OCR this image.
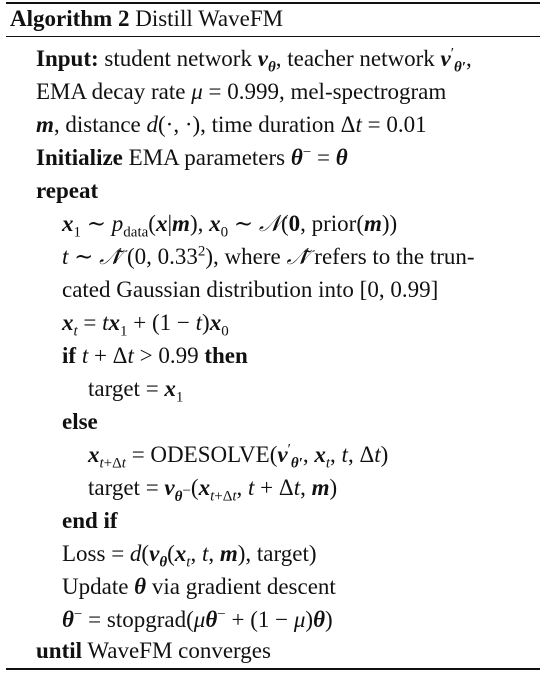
Algorithm 2 Distill WaveFM
Input: student network $v_\theta$, teacher network $v'_{\theta'}$,
EMA decay rate μ = 0.999, mel-spectrogram
m, distance d(·, ·), time duration Δt = 0.01
Initialize EMA parameters θ− = θ
repeat
$x_1$ ∼ $p_{data}(x|m)$, $x_0$ ∼ 𝒩(0, prior(m))
t ∼ 𝒩̃ (0, 0.33$^2$), where 𝒩̃ refers to the trun-
cated Gaussian distribution into [0, 0.99]
$x_t = tx_1 + (1 - t)x_0$
if t + Δt > 0.99 then
target = $x_1$
else
$x_{t+\Delta t}$ = $ODESOLVE(v'_{\theta'}$, $x_t$, t, Δt)
target = $v_{\theta^-}(x_{t+\Delta t}$, t + Δt, m)
end if
Loss = $d(v_\theta(x_t$, t, m), target)
Update θ via gradient descent
θ− = stopgrad(μθ− + (1 − μ)θ)
until WaveFM converges
